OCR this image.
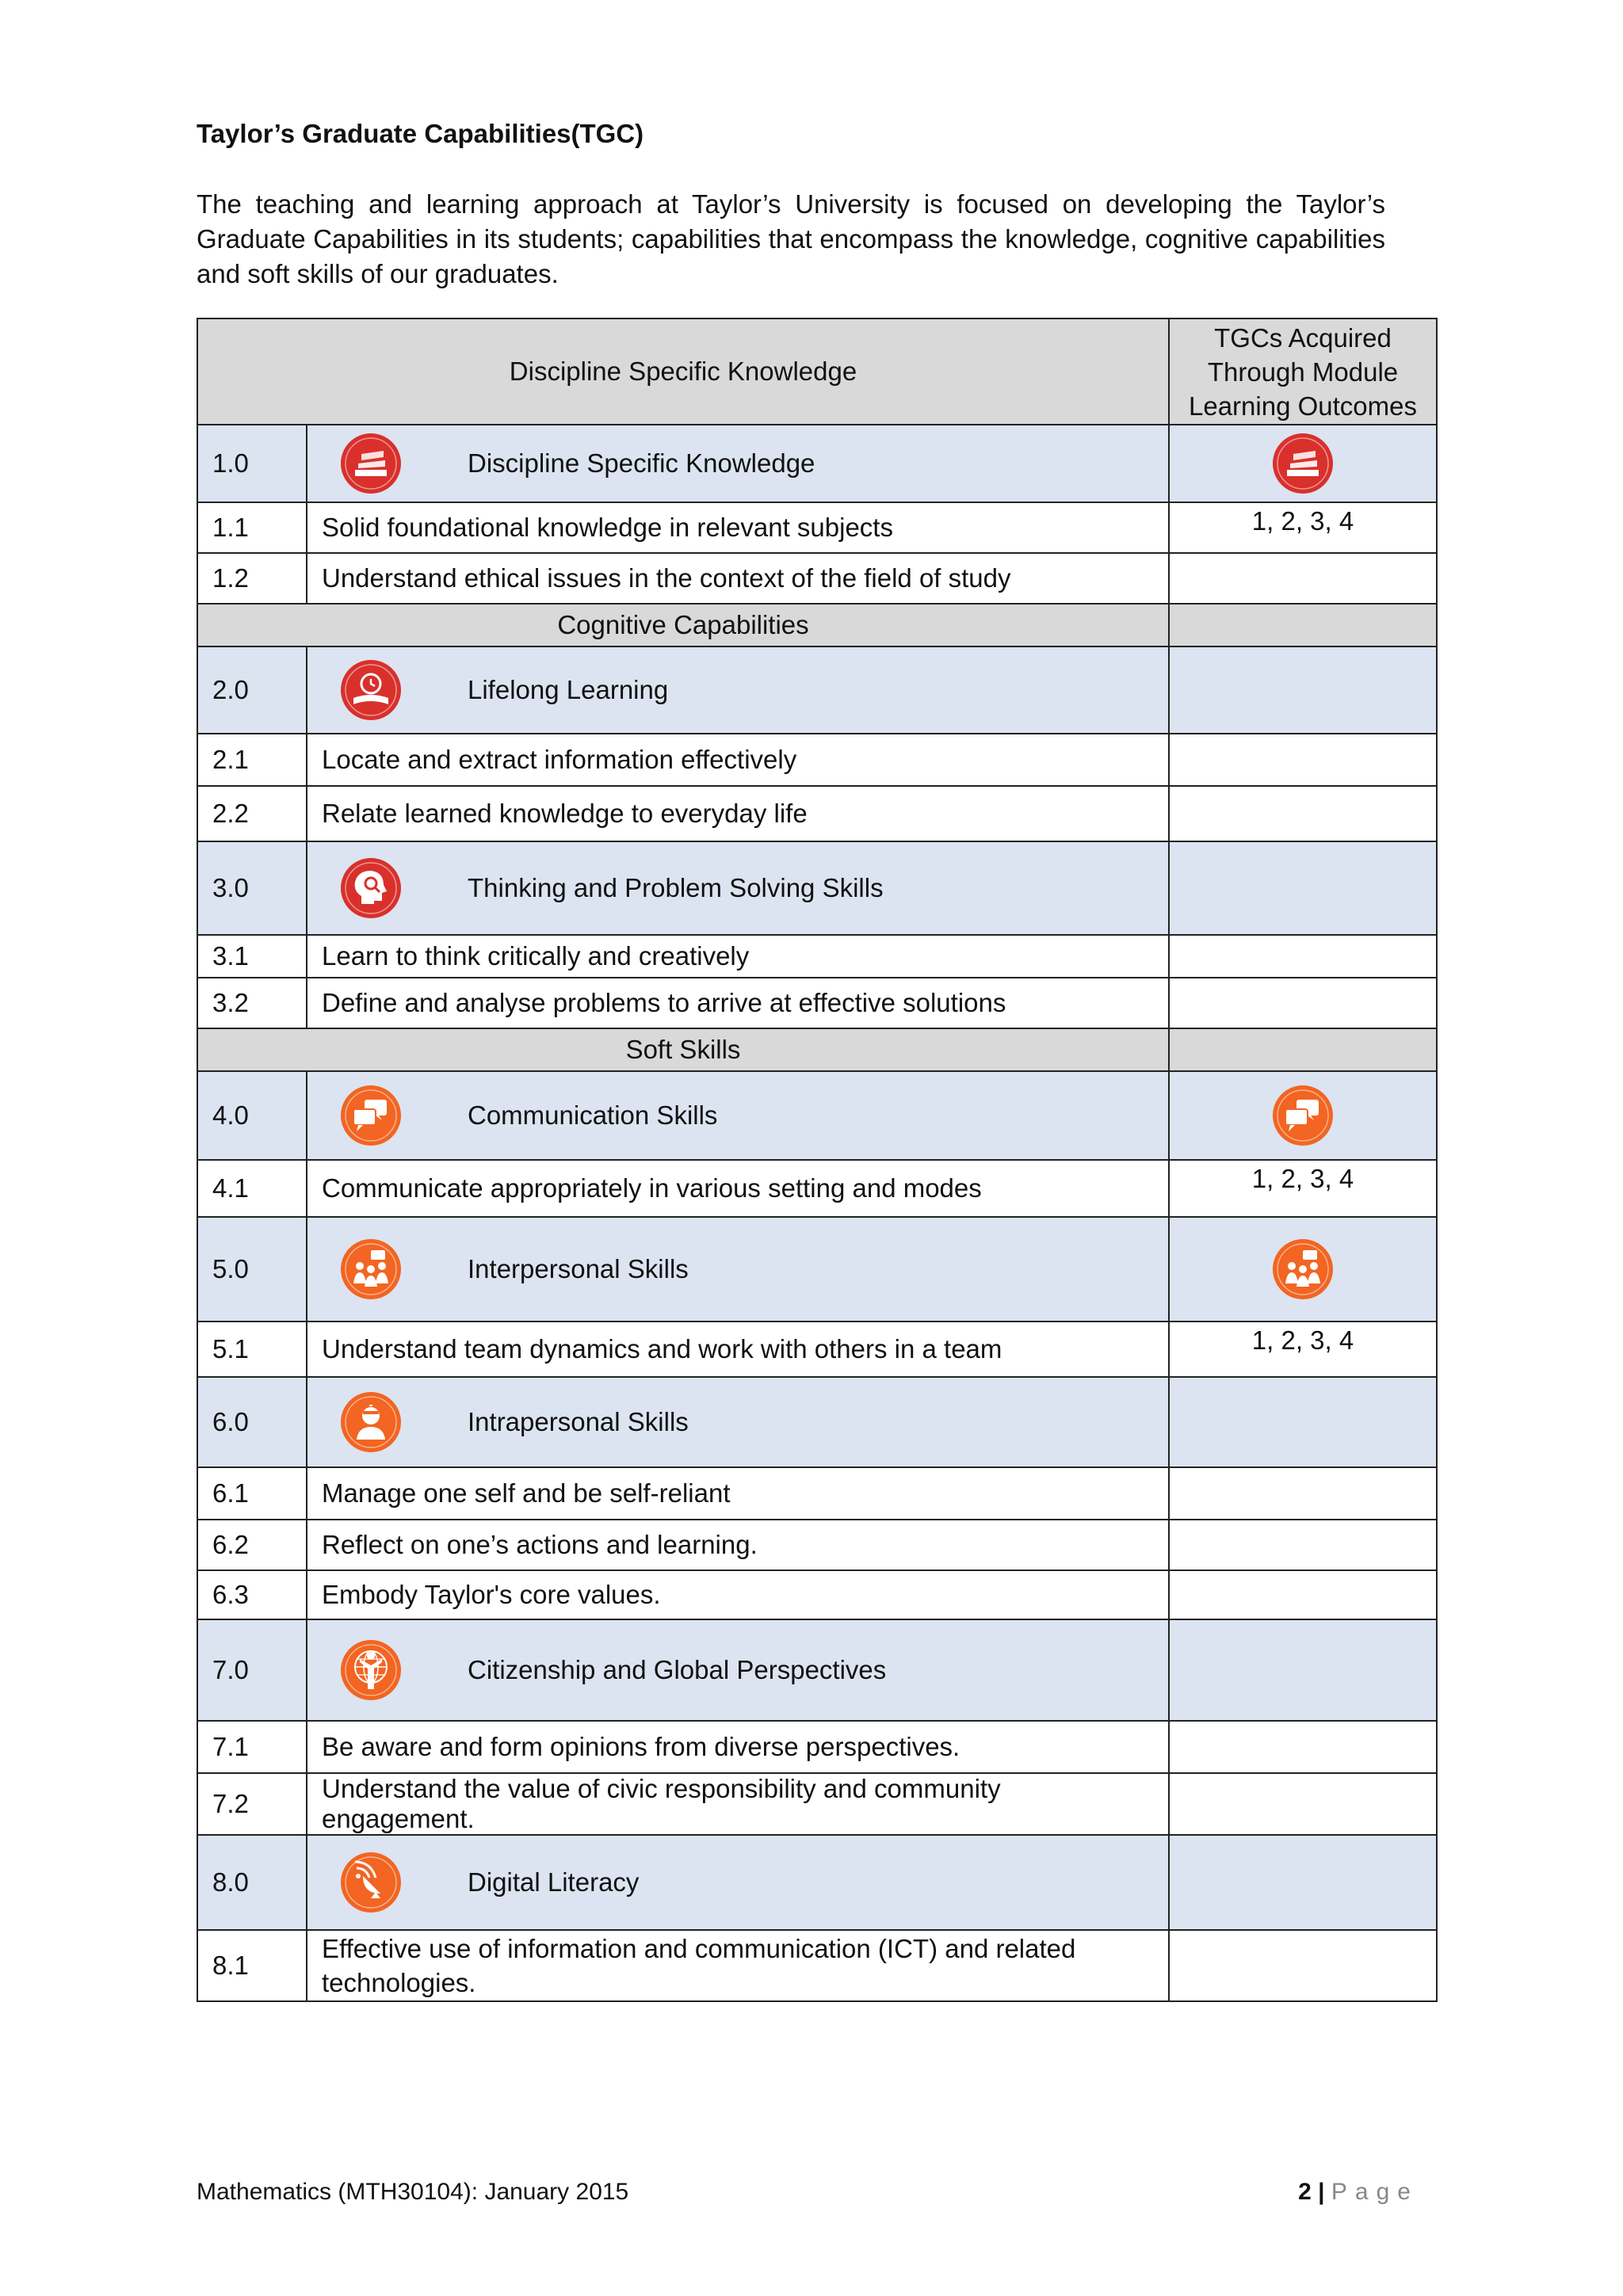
Taylor’s Graduate Capabilities(TGC)
The teaching and learning approach at Taylor’s University is focused on developing the Taylor’s Graduate Capabilities in its students; capabilities that encompass the knowledge, cognitive capabilities and soft skills of our graduates.
Discipline Specific Knowledge		TGCs Acquired Through Module Learning Outcomes
1.0	Discipline Specific Knowledge

1.1	Solid foundational knowledge in relevant subjects	1, 2, 3, 4
1.2	Understand ethical issues in the context of the field of study	
Cognitive Capabilities		
2.0	Lifelong Learning	

2.1	Locate and extract information effectively	
2.2	Relate learned knowledge to everyday life	
3.0	Thinking and Problem Solving Skills	

3.1	Learn to think critically and creatively	
3.2	Define and analyse problems to arrive at effective solutions	
Soft Skills		
4.0	Communication Skills

4.1	Communicate appropriately in various setting and modes	1, 2, 3, 4
5.0	Interpersonal Skills

5.1	Understand team dynamics and work with others in a team	1, 2, 3, 4
6.0	Intrapersonal Skills	

6.1	Manage one self and be self-reliant	
6.2	Reflect on one’s actions and learning.	
6.3	Embody Taylor's core values.	
7.0	Citizenship and Global Perspectives	

7.1	Be aware and form opinions from diverse perspectives.	
7.2	Understand the value of civic responsibility and community engagement.	
8.0	Digital Literacy	

8.1	Effective use of information and communication (ICT) and related technologies.	
Mathematics (MTH30104): January 2015	2 | Page
